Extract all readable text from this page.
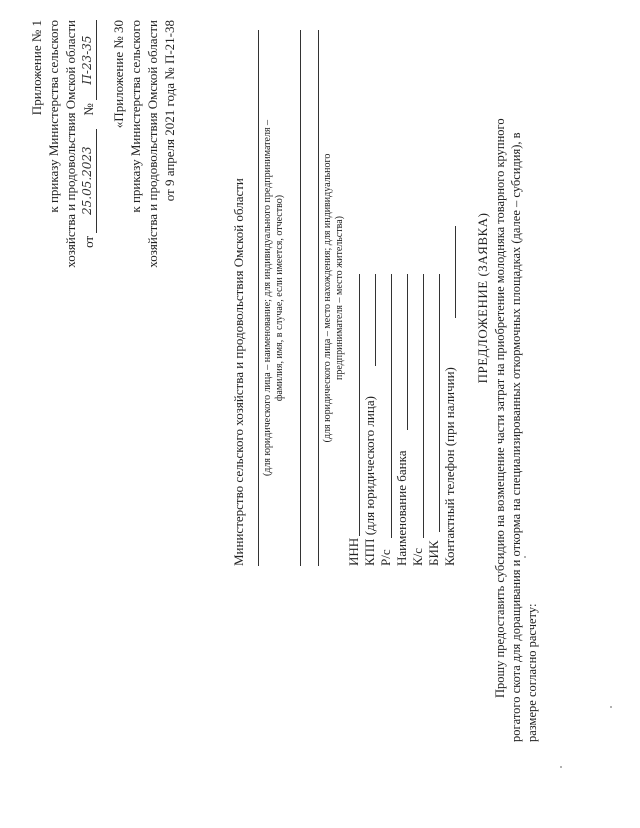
Приложение № 1 к приказу Министерства сельского хозяйства и продовольствия Омской области от 25.05.2023    № П-23-35 «Приложение № 30 к приказу Министерства сельского хозяйства и продовольствия Омской области от 9 апреля 2021 года № П-21-38
Министерство сельского хозяйства и продовольствия Омской области (для юридического лица – наименование; для индивидуального предпринимателя – фамилия, имя, в случае, если имеется, отчество)	(для юридического лица – место нахождения; для индивидуального предпринимателя – место жительства)
ИНН КПП (для юридического лица) Р/с Наименование банка К/с БИК Контактный телефон (при наличии)
ПРЕДЛОЖЕНИЕ (ЗАЯВКА) Прошу предоставить субсидию на возмещение части затрат на приобретение молодняка товарного крупного рогатого скота для доращивания и откорма на специализированных откормочных площадках (далее – субсидия), в размере согласно расчету:
